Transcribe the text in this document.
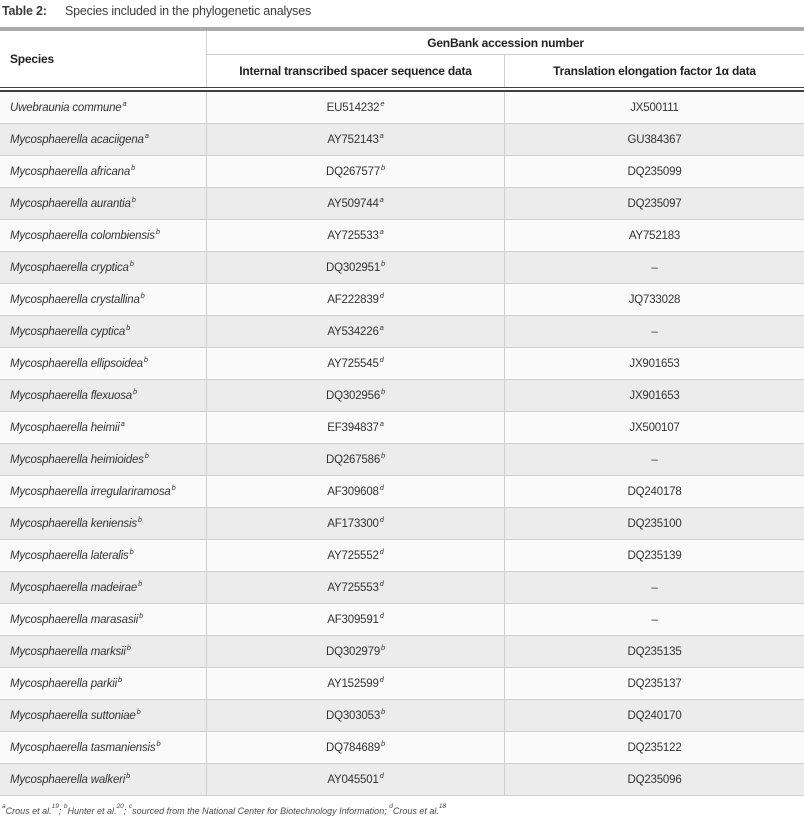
Table 2:	Species included in the phylogenetic analyses
Species
GenBank accession number
Internal transcribed spacer sequence data	Translation elongation factor 1α data
Uwebraunia commune$^a$	EU514232e	JX500111
Mycosphaerella acaciigena$^a$	AY752143$^a$	GU384367
Mycosphaerella africana$^b$	DQ267577$^b$	DQ235099
Mycosphaerella aurantia$^b$	AY509744$^a$	DQ235097
Mycosphaerella colombiensis$^b$	AY725533$^a$	AY752183
Mycosphaerella cryptica$^b$	DQ302951$^b$	–
Mycosphaerella crystallina$^b$	AF222839$^d$	JQ733028
Mycosphaerella cyptica$^b$	AY534226$^a$	–
Mycosphaerella ellipsoidea$^b$	AY725545$^d$	JX901653
Mycosphaerella flexuosa$^b$	DQ302956$^b$	JX901653
Mycosphaerella heimii$^a$	EF394837$^a$	JX500107
Mycosphaerella heimioides$^b$	DQ267586$^b$	–
Mycosphaerella irregulariramosa$^b$	AF309608$^d$	DQ240178
Mycosphaerella keniensis$^b$	AF173300$^d$	DQ235100
Mycosphaerella lateralis$^b$	AY725552$^d$	DQ235139
Mycosphaerella madeirae$^b$	AY725553$^d$	–
Mycosphaerella marasasii$^b$	AF309591$^d$	–
Mycosphaerella marksii$^b$	DQ302979$^b$	DQ235135
Mycosphaerella parkii$^b$	AY152599$^d$	DQ235137
Mycosphaerella suttoniae$^b$	DQ303053$^b$	DQ240170
Mycosphaerella tasmaniensis$^b$	DQ784689$^b$	DQ235122
Mycosphaerella walkeri$^b$	AY045501$^d$	DQ235096
$^a$Crous et al.$^{19}$; $^b$Hunter et al.$^{20}$; $^c$sourced from the National Center for Biotechnology Information; $^d$Crous et al.$^{18}$
